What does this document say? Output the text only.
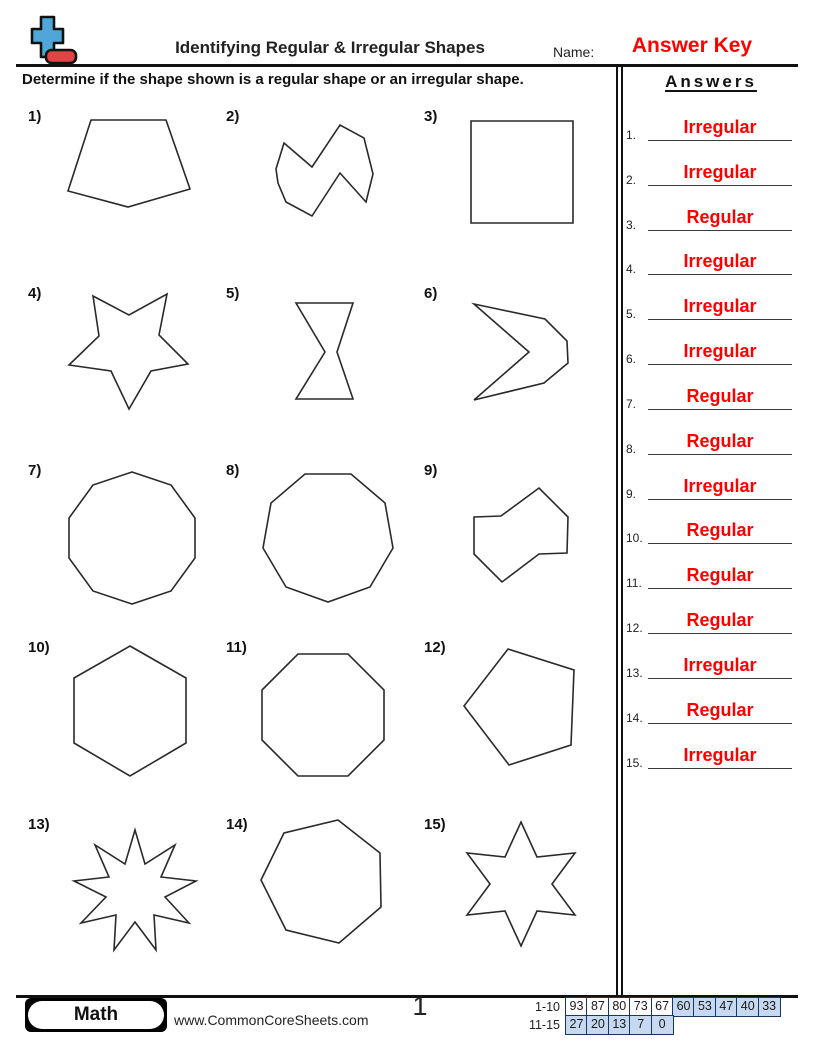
Identifying Regular & Irregular Shapes	Name:	Answer Key
Determine if the shape shown is a regular shape or an irregular shape.
1)	2)	3)
4)	5)	6)
7)	8)	9)
10)	11)	12)
13)	14)	15)
Answers
1.	Irregular
2.	Irregular
3.	Regular
4.	Irregular
5.	Irregular
6.	Irregular
7.	Regular
8.	Regular
9.	Irregular
10.	Regular
11.	Regular
12.	Regular
13.	Irregular
14.	Regular
15.	Irregular
Math	www.CommonCoreSheets.com	1	1-10 93 87 80 73 67 60 53 47 40 33
11-15 27 20 13 7	0
